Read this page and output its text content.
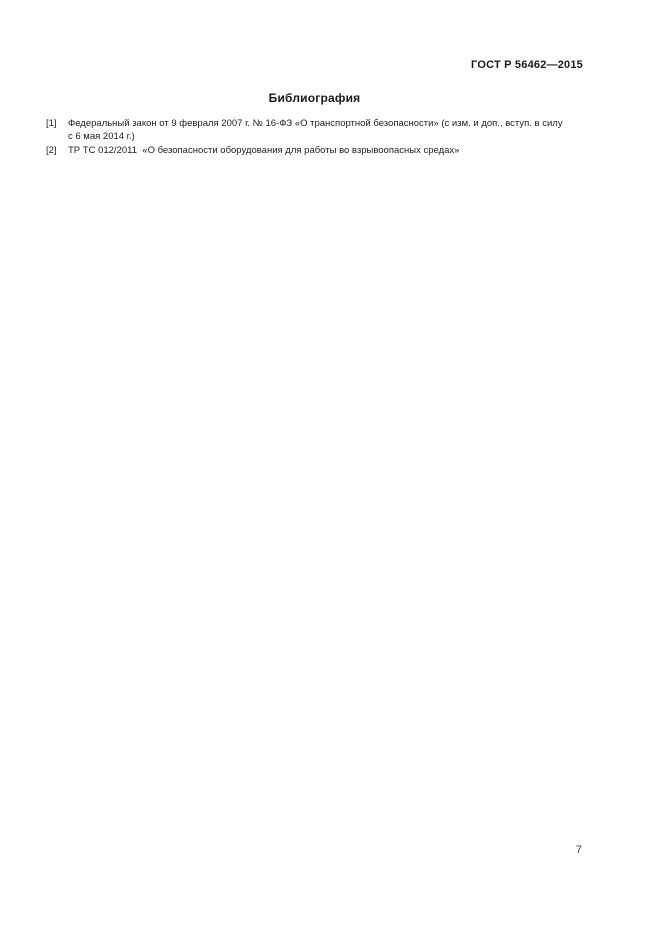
ГОСТ Р 56462—2015
Библиография
[1]	Федеральный закон от 9 февраля 2007 г. № 16-ФЗ «О транспортной безопасности» (с изм. и доп., вступ. в силу
с 6 мая 2014 г.)
[2]	ТР ТС 012/2011  «О безопасности оборудования для работы во взрывоопасных средах»
7
